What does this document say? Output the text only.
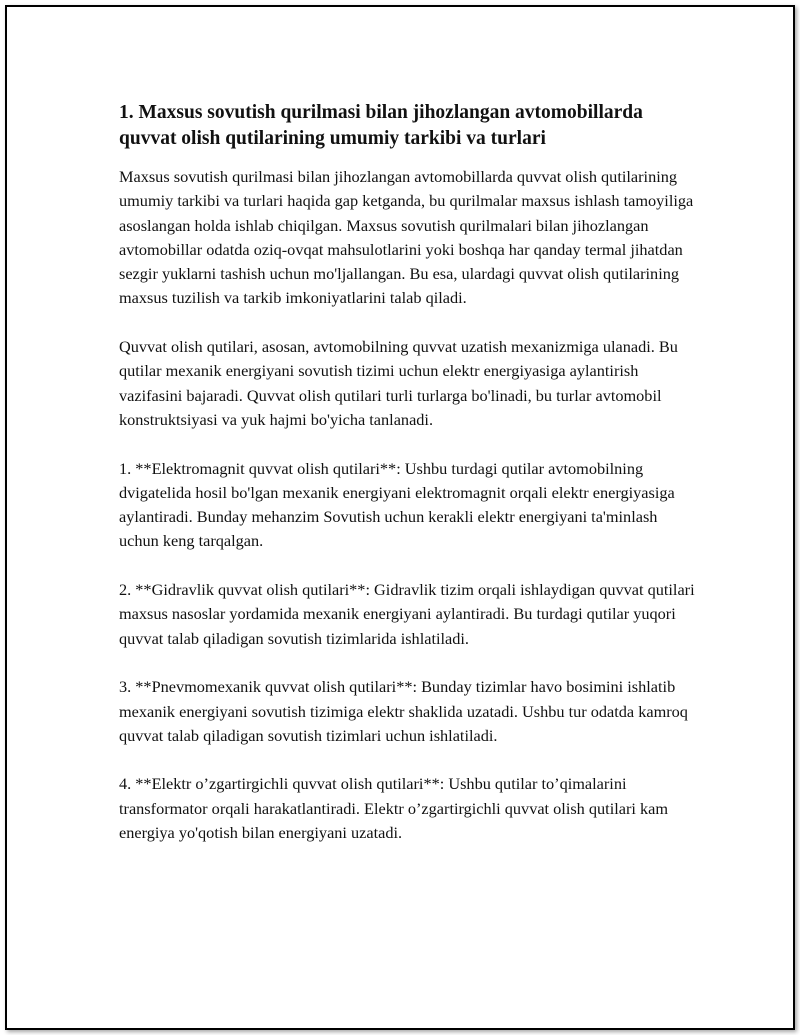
1. Maxsus sovutish qurilmasi bilan jihozlangan avtomobillarda quvvat olish qutilarining umumiy tarkibi va turlari

Maxsus sovutish qurilmasi bilan jihozlangan avtomobillarda quvvat olish qutilarining umumiy tarkibi va turlari haqida gap ketganda, bu qurilmalar maxsus ishlash tamoyiliga asoslangan holda ishlab chiqilgan. Maxsus sovutish qurilmalari bilan jihozlangan avtomobillar odatda oziq-ovqat mahsulotlarini yoki boshqa har qanday termal jihatdan sezgir yuklarni tashish uchun mo'ljallangan. Bu esa, ulardagi quvvat olish qutilarining maxsus tuzilish va tarkib imkoniyatlarini talab qiladi.

Quvvat olish qutilari, asosan, avtomobilning quvvat uzatish mexanizmiga ulanadi. Bu qutilar mexanik energiyani sovutish tizimi uchun elektr energiyasiga aylantirish vazifasini bajaradi. Quvvat olish qutilari turli turlarga bo'linadi, bu turlar avtomobil konstruktsiyasi va yuk hajmi bo'yicha tanlanadi.

1. **Elektromagnit quvvat olish qutilari**: Ushbu turdagi qutilar avtomobilning dvigatelida hosil bo'lgan mexanik energiyani elektromagnit orqali elektr energiyasiga aylantiradi. Bunday mehanzim Sovutish uchun kerakli elektr energiyani ta'minlash uchun keng tarqalgan.

2. **Gidravlik quvvat olish qutilari**: Gidravlik tizim orqali ishlaydigan quvvat qutilari maxsus nasoslar yordamida mexanik energiyani aylantiradi. Bu turdagi qutilar yuqori quvvat talab qiladigan sovutish tizimlarida ishlatiladi.

3. **Pnevmomexanik quvvat olish qutilari**: Bunday tizimlar havo bosimini ishlatib mexanik energiyani sovutish tizimiga elektr shaklida uzatadi. Ushbu tur odatda kamroq quvvat talab qiladigan sovutish tizimlari uchun ishlatiladi.

4. **Elektr o’zgartirgichli quvvat olish qutilari**: Ushbu qutilar to’qimalarini transformator orqali harakatlantiradi. Elektr o’zgartirgichli quvvat olish qutilari kam energiya yo'qotish bilan energiyani uzatadi.
